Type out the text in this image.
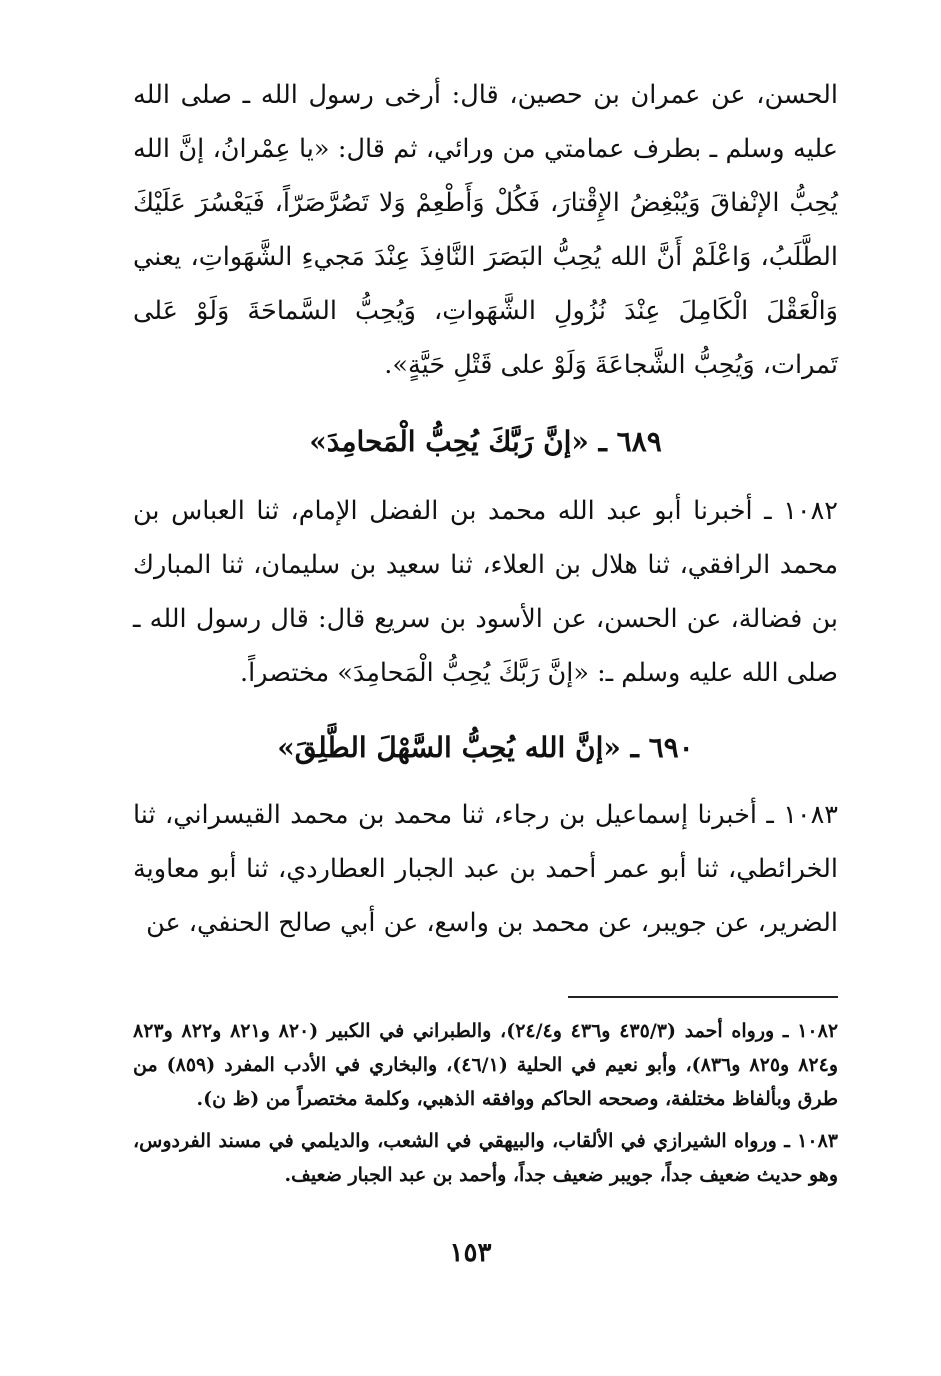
الحسن، عن عمران بن حصين، قال: أرخى رسول الله ـ صلى الله عليه وسلم ـ بطرف عمامتي من ورائي، ثم قال: «يا عِمْرانُ، إنَّ الله يُحِبُّ الإنْفاقَ وَيُبْغِضُ الإِقْتارَ، فَكُلْ وَأَطْعِمْ وَلا تَصُرَّصَرّاً، فَيَعْسُرَ عَلَيْكَ الطَّلَبُ، وَاعْلَمْ أَنَّ الله يُحِبُّ البَصَرَ النَّافِذَ عِنْدَ مَجيءِ الشَّهَواتِ، يعني وَالْعَقْلَ الْكَامِلَ عِنْدَ نُزُولِ الشَّهَواتِ، وَيُحِبُّ السَّماحَةَ وَلَوْ عَلى تَمرات، وَيُحِبُّ الشَّجاعَةَ وَلَوْ على قَتْلِ حَيَّةٍ».

٦٨٩ ـ «إنَّ رَبَّكَ يُحِبُّ الْمَحامِدَ»

١٠٨٢ ـ أخبرنا أبو عبد الله محمد بن الفضل الإمام، ثنا العباس بن محمد الرافقي، ثنا هلال بن العلاء، ثنا سعيد بن سليمان، ثنا المبارك بن فضالة، عن الحسن، عن الأسود بن سريع قال: قال رسول الله ـ صلى الله عليه وسلم ـ: «إنَّ رَبَّكَ يُحِبُّ الْمَحامِدَ» مختصراً.

٦٩٠ ـ «إنَّ الله يُحِبُّ السَّهْلَ الطَّلِقَ»

١٠٨٣ ـ أخبرنا إسماعيل بن رجاء، ثنا محمد بن محمد القيسراني، ثنا الخرائطي، ثنا أبو عمر أحمد بن عبد الجبار العطاردي، ثنا أبو معاوية الضرير، عن جويبر، عن محمد بن واسع، عن أبي صالح الحنفي، عن

١٠٨٢ ـ ورواه أحمد (٤٣٥/٣ و٤٣٦ و٢٤/٤)، والطبراني في الكبير (٨٢٠ و٨٢١ و٨٢٢ و٨٢٣ و٨٢٤ و٨٢٥ و٨٣٦)، وأبو نعيم في الحلية (٤٦/١)، والبخاري في الأدب المفرد (٨٥٩) من طرق وبألفاظ مختلفة، وصححه الحاكم ووافقه الذهبي، وكلمة مختصراً من (ظ ن).

١٠٨٣ ـ ورواه الشيرازي في الألقاب، والبيهقي في الشعب، والديلمي في مسند الفردوس، وهو حديث ضعيف جداً، جويبر ضعيف جداً، وأحمد بن عبد الجبار ضعيف.

١٥٣
